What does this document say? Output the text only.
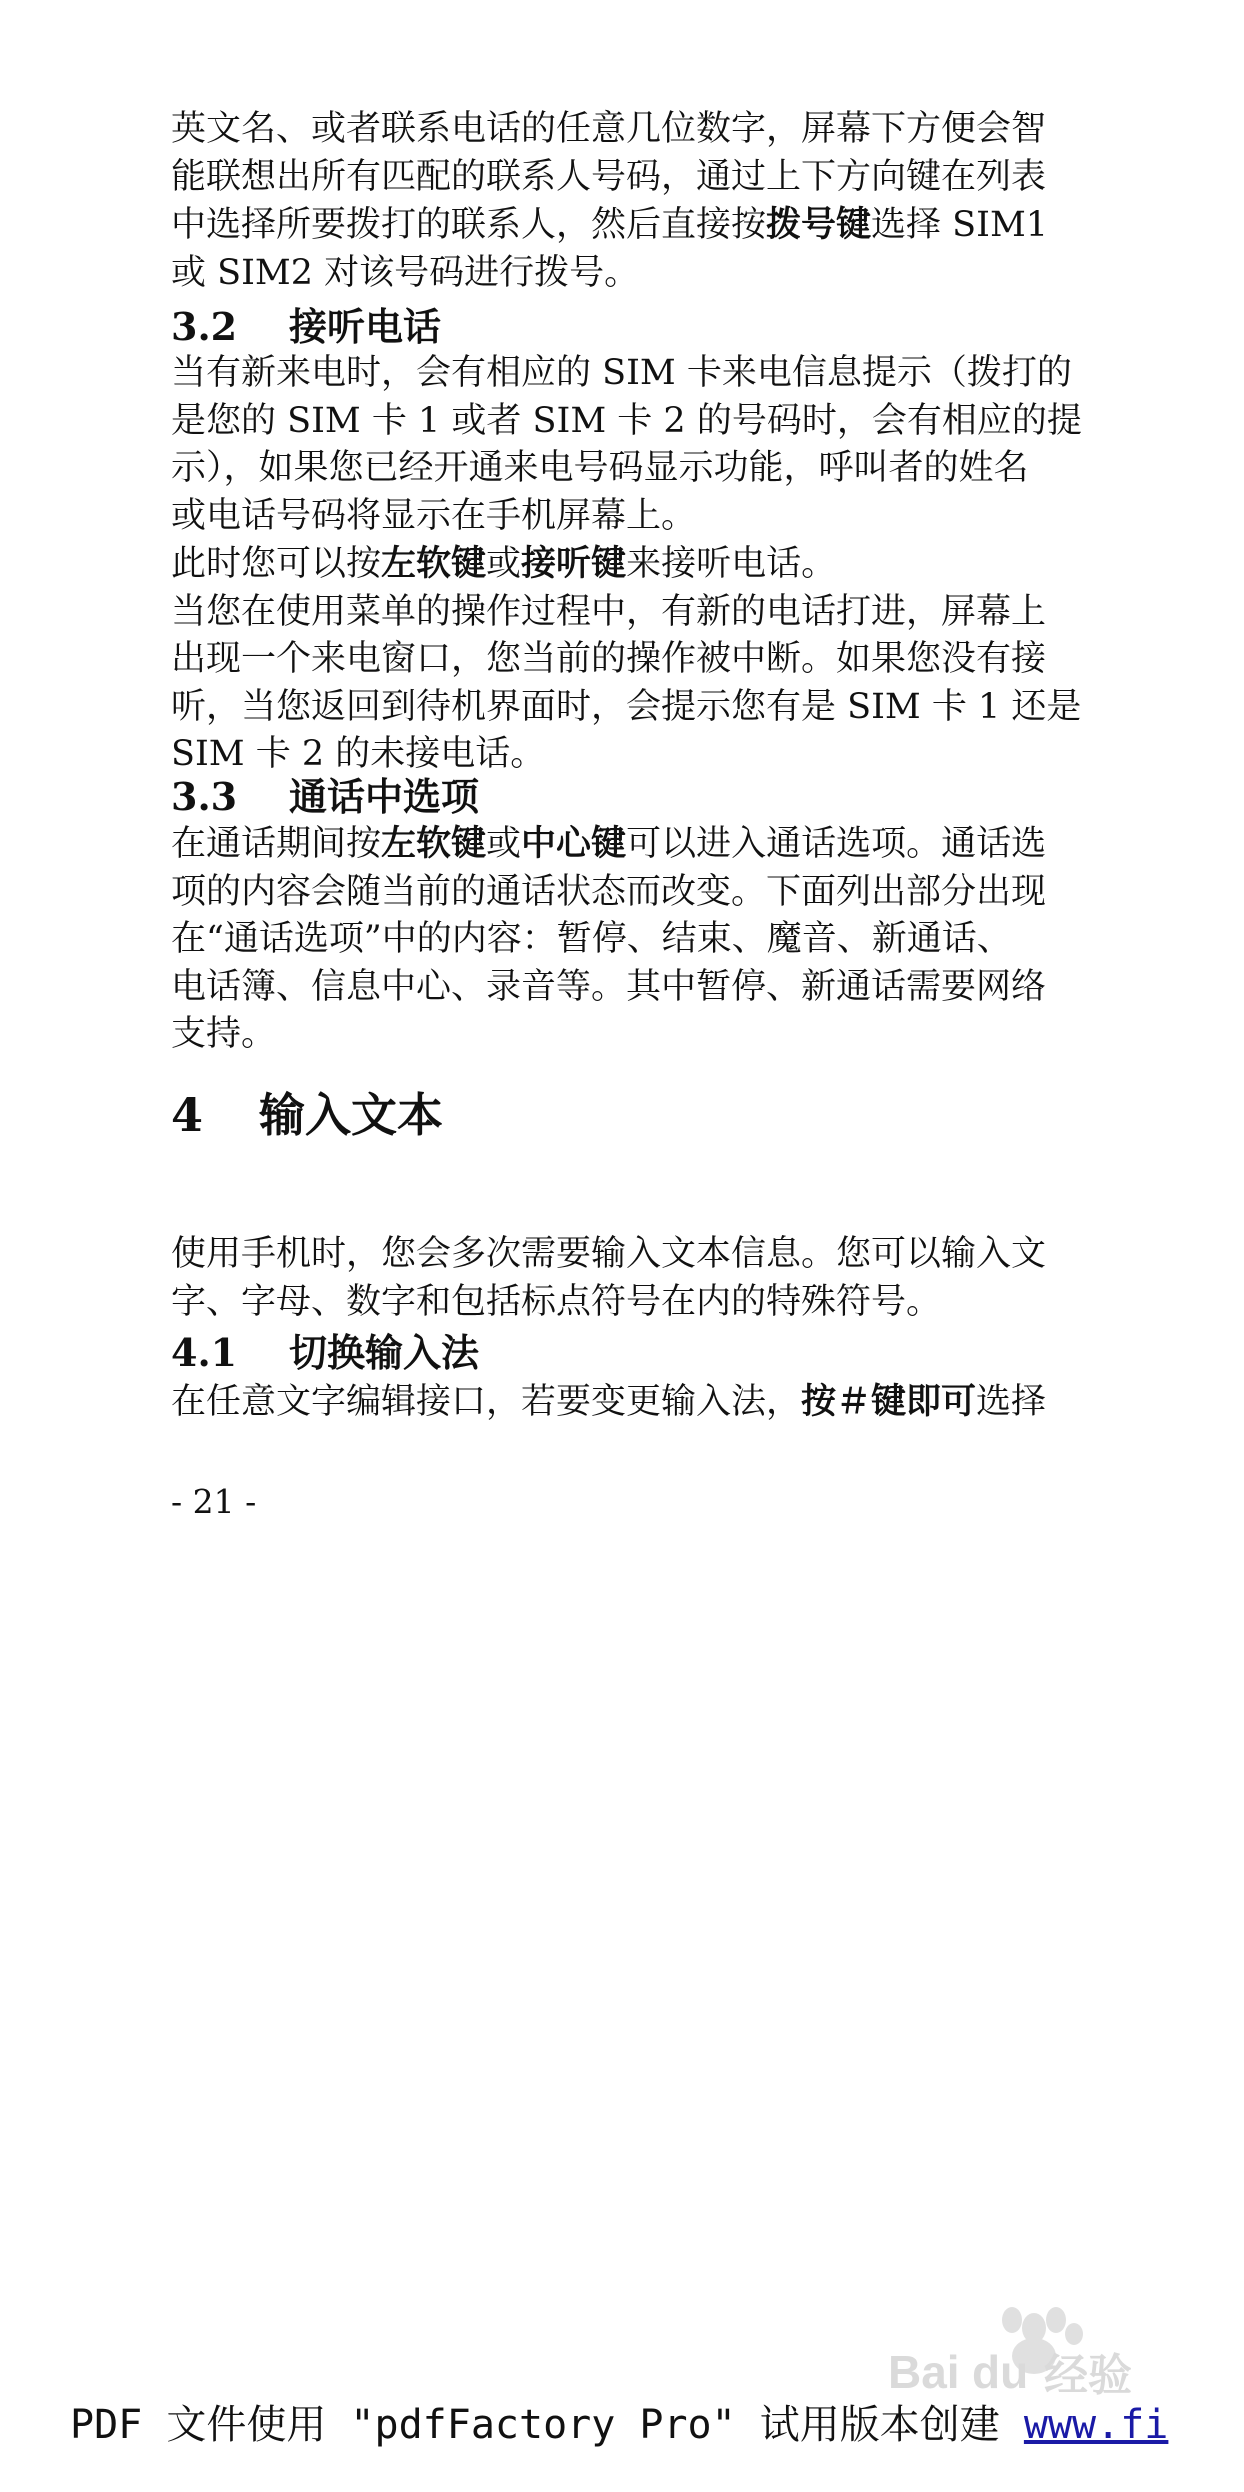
英文名、或者联系电话的任意几位数字，屏幕下方便会智
能联想出所有匹配的联系人号码，通过上下方向键在列表
中选择所要拨打的联系人，然后直接按拨号键选择 SIM1
或 SIM2 对该号码进行拨号。
3.2 接听电话
当有新来电时，会有相应的 SIM 卡来电信息提示（拨打的
是您的 SIM 卡 1 或者 SIM 卡 2 的号码时，会有相应的提
示），如果您已经开通来电号码显示功能，呼叫者的姓名
或电话号码将显示在手机屏幕上。
此时您可以按左软键或接听键来接听电话。
当您在使用菜单的操作过程中，有新的电话打进，屏幕上
出现一个来电窗口，您当前的操作被中断。如果您没有接
听，当您返回到待机界面时，会提示您有是 SIM 卡 1 还是
SIM 卡 2 的未接电话。
3.3 通话中选项
在通话期间按左软键或中心键可以进入通话选项。通话选
项的内容会随当前的通话状态而改变。下面列出部分出现
在“通话选项”中的内容：暂停、结束、魔音、新通话、
电话簿、信息中心、录音等。其中暂停、新通话需要网络
支持。
4 输入文本
使用手机时，您会多次需要输入文本信息。您可以输入文
字、字母、数字和包括标点符号在内的特殊符号。
4.1 切换输入法
在任意文字编辑接口，若要变更输入法，按＃键即可选择
- 21 -
Bai du 经验
PDF 文件使用 "pdfFactory Pro" 试用版本创建 www.fi
